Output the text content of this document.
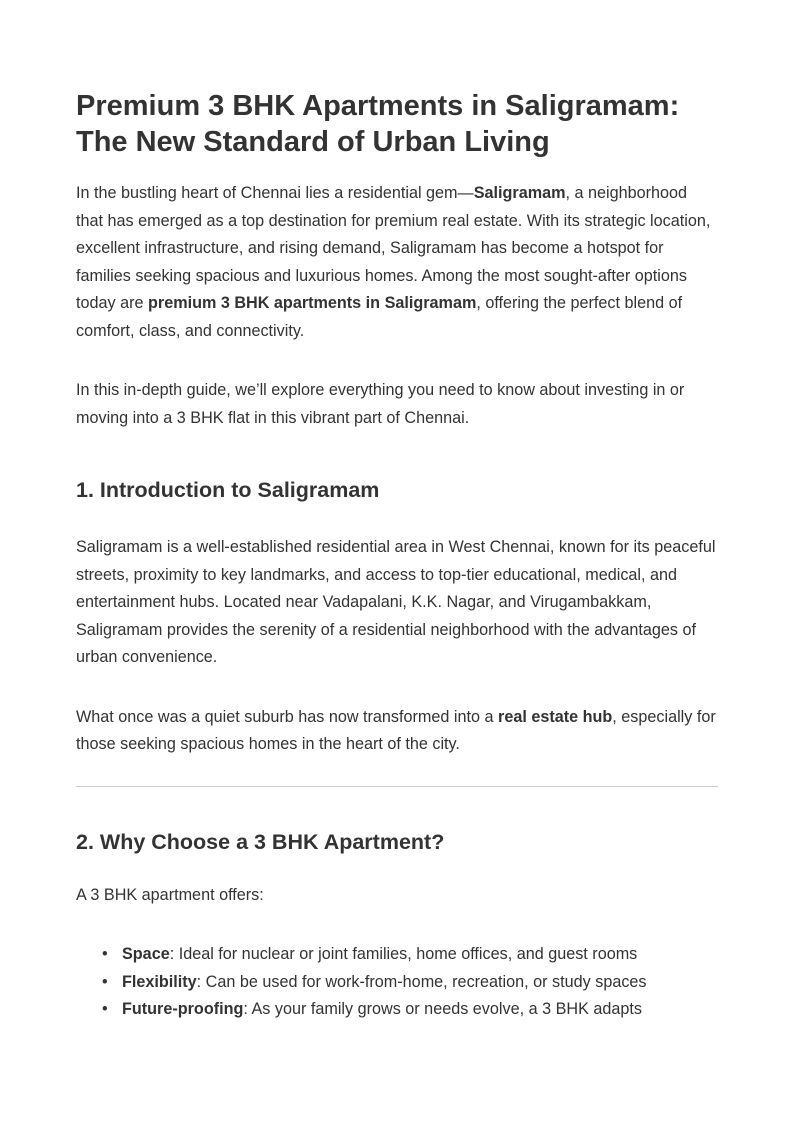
Premium 3 BHK Apartments in Saligramam: The New Standard of Urban Living

In the bustling heart of Chennai lies a residential gem—Saligramam, a neighborhood that has emerged as a top destination for premium real estate. With its strategic location, excellent infrastructure, and rising demand, Saligramam has become a hotspot for families seeking spacious and luxurious homes. Among the most sought-after options today are premium 3 BHK apartments in Saligramam, offering the perfect blend of comfort, class, and connectivity.

In this in-depth guide, we’ll explore everything you need to know about investing in or moving into a 3 BHK flat in this vibrant part of Chennai.

1. Introduction to Saligramam

Saligramam is a well-established residential area in West Chennai, known for its peaceful streets, proximity to key landmarks, and access to top-tier educational, medical, and entertainment hubs. Located near Vadapalani, K.K. Nagar, and Virugambakkam, Saligramam provides the serenity of a residential neighborhood with the advantages of urban convenience.

What once was a quiet suburb has now transformed into a real estate hub, especially for those seeking spacious homes in the heart of the city.

2. Why Choose a 3 BHK Apartment?

A 3 BHK apartment offers:

• Space: Ideal for nuclear or joint families, home offices, and guest rooms
• Flexibility: Can be used for work-from-home, recreation, or study spaces
• Future-proofing: As your family grows or needs evolve, a 3 BHK adapts
